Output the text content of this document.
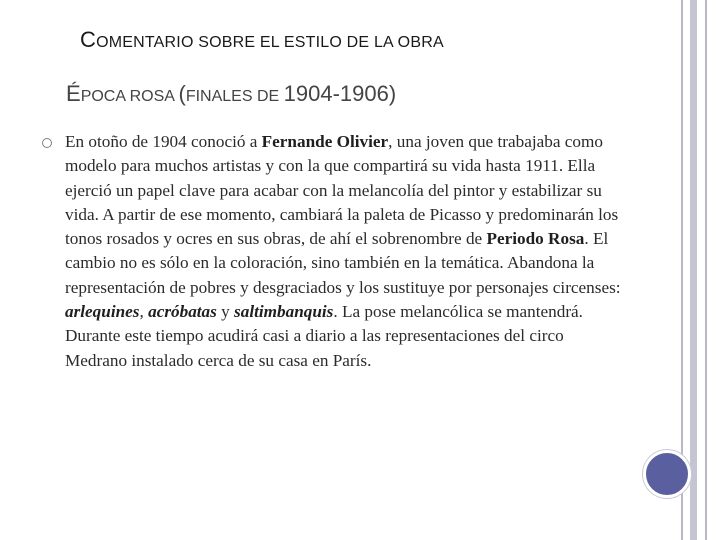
COMENTARIO SOBRE EL ESTILO DE LA OBRA
ÉPOCA ROSA (FINALES DE 1904-1906)

En otoño de 1904 conoció a Fernande Olivier, una joven que trabajaba como modelo para muchos artistas y con la que compartirá su vida hasta 1911. Ella ejerció un papel clave para acabar con la melancolía del pintor y estabilizar su vida. A partir de ese momento, cambiará la paleta de Picasso y predominarán los tonos rosados y ocres en sus obras, de ahí el sobrenombre de Periodo Rosa. El cambio no es sólo en la coloración, sino también en la temática. Abandona la representación de pobres y desgraciados y los sustituye por personajes circenses: arlequines, acróbatas y saltimbanquis. La pose melancólica se mantendrá. Durante este tiempo acudirá casi a diario a las representaciones del circo Medrano instalado cerca de su casa en París.
